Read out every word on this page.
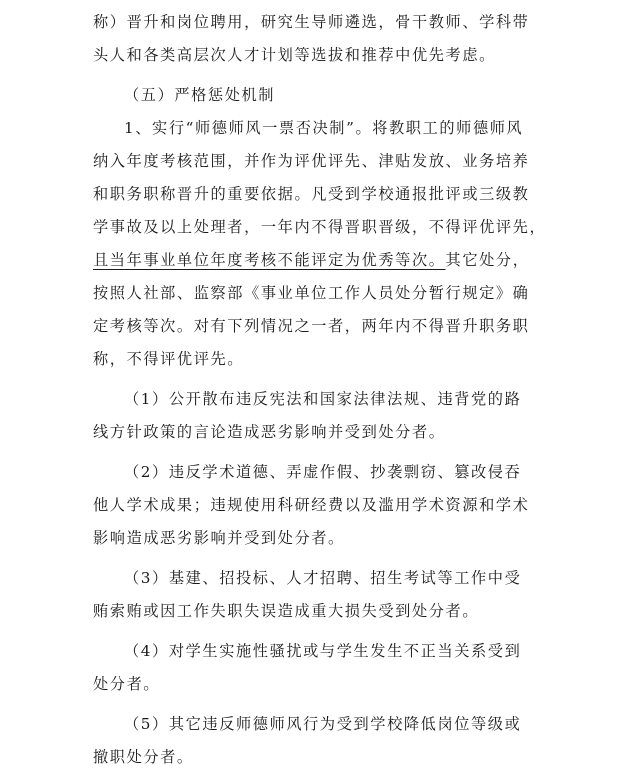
称）晋升和岗位聘用，研究生导师遴选，骨干教师、学科带
头人和各类高层次人才计划等选拔和推荐中优先考虑。
（五）严格惩处机制
1、实行“师德师风一票否决制”。将教职工的师德师风
纳入年度考核范围，并作为评优评先、津贴发放、业务培养
和职务职称晋升的重要依据。凡受到学校通报批评或三级教
学事故及以上处理者，一年内不得晋职晋级，不得评优评先，
且当年事业单位年度考核不能评定为优秀等次。其它处分，
按照人社部、监察部《事业单位工作人员处分暂行规定》确
定考核等次。对有下列情况之一者，两年内不得晋升职务职
称，不得评优评先。
（1）公开散布违反宪法和国家法律法规、违背党的路
线方针政策的言论造成恶劣影响并受到处分者。
（2）违反学术道德、弄虚作假、抄袭剽窃、篡改侵吞
他人学术成果；违规使用科研经费以及滥用学术资源和学术
影响造成恶劣影响并受到处分者。
（3）基建、招投标、人才招聘、招生考试等工作中受
贿索贿或因工作失职失误造成重大损失受到处分者。
（4）对学生实施性骚扰或与学生发生不正当关系受到
处分者。
（5）其它违反师德师风行为受到学校降低岗位等级或
撤职处分者。
